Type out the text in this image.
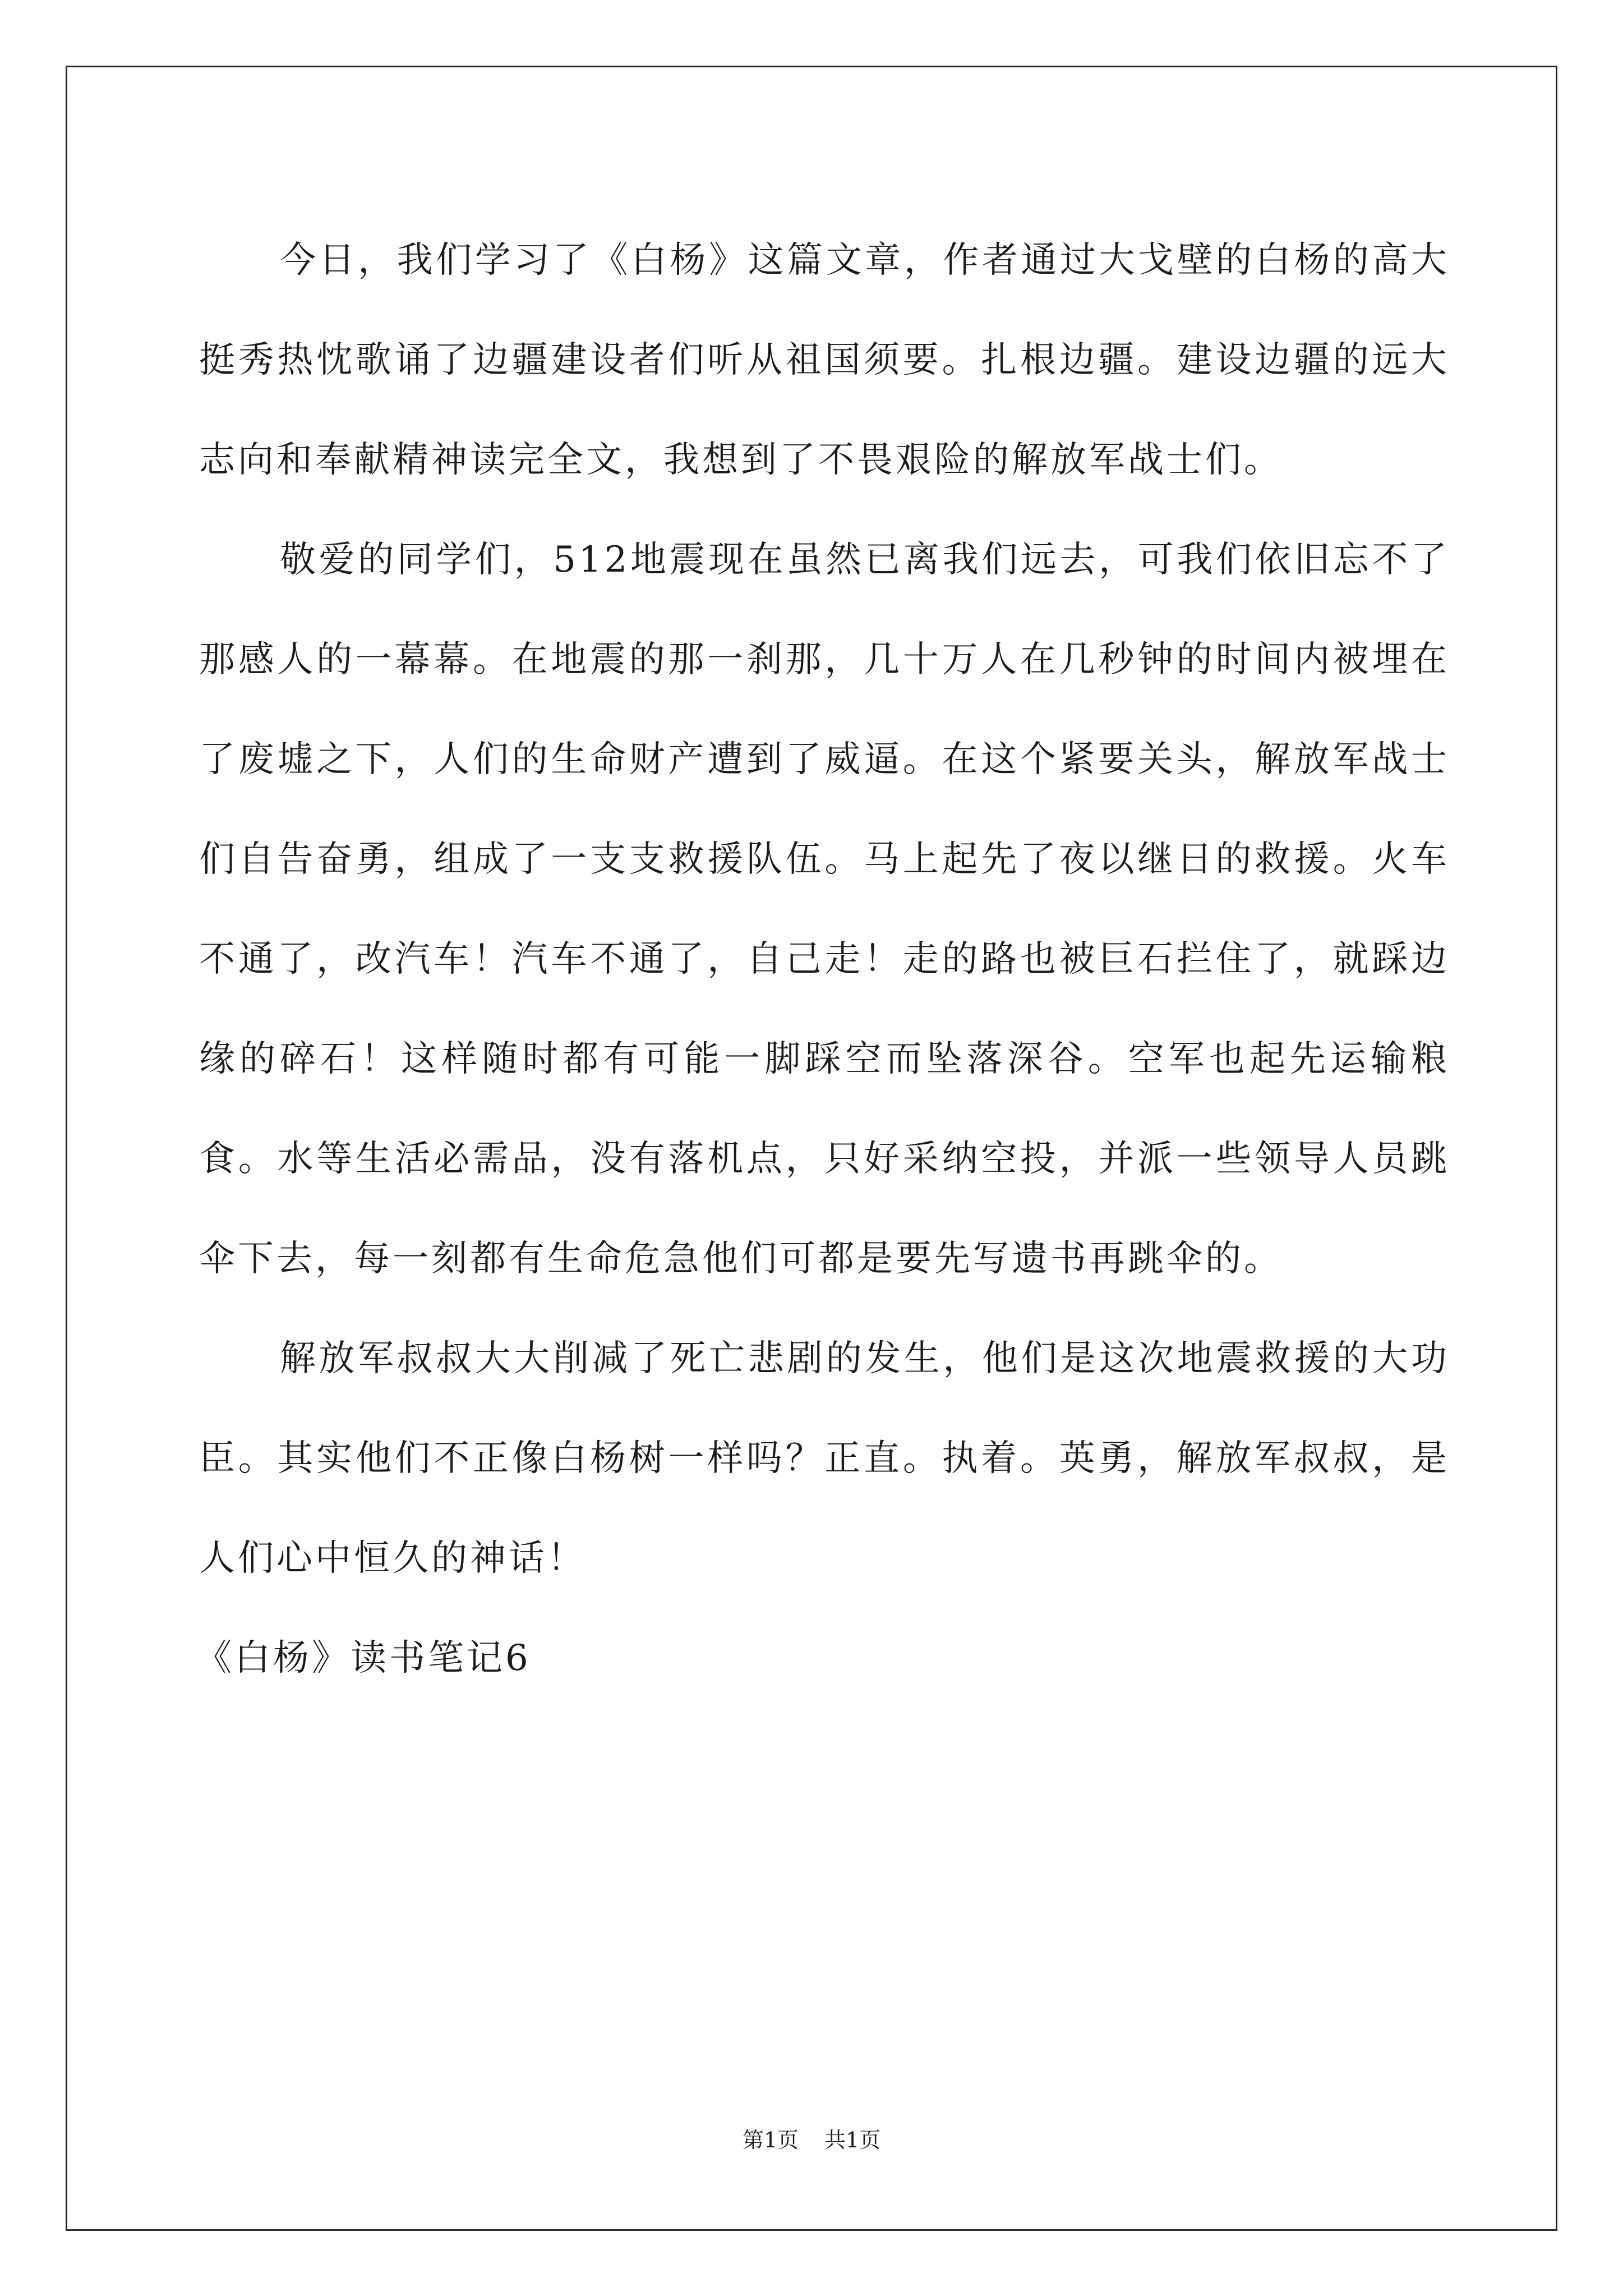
今日，我们学习了《白杨》这篇文章，作者通过大戈壁的白杨的高大挺秀热忱歌诵了边疆建设者们听从祖国须要。扎根边疆。建设边疆的远大志向和奉献精神读完全文，我想到了不畏艰险的解放军战士们。

敬爱的同学们，512地震现在虽然已离我们远去，可我们依旧忘不了那感人的一幕幕。在地震的那一刹那，几十万人在几秒钟的时间内被埋在了废墟之下，人们的生命财产遭到了威逼。在这个紧要关头，解放军战士们自告奋勇，组成了一支支救援队伍。马上起先了夜以继日的救援。火车不通了，改汽车！汽车不通了，自己走！走的路也被巨石拦住了，就踩边缘的碎石！这样随时都有可能一脚踩空而坠落深谷。空军也起先运输粮食。水等生活必需品，没有落机点，只好采纳空投，并派一些领导人员跳伞下去，每一刻都有生命危急他们可都是要先写遗书再跳伞的。

解放军叔叔大大削减了死亡悲剧的发生，他们是这次地震救援的大功臣。其实他们不正像白杨树一样吗？正直。执着。英勇，解放军叔叔，是人们心中恒久的神话！

《白杨》读书笔记6

第1页 共1页
